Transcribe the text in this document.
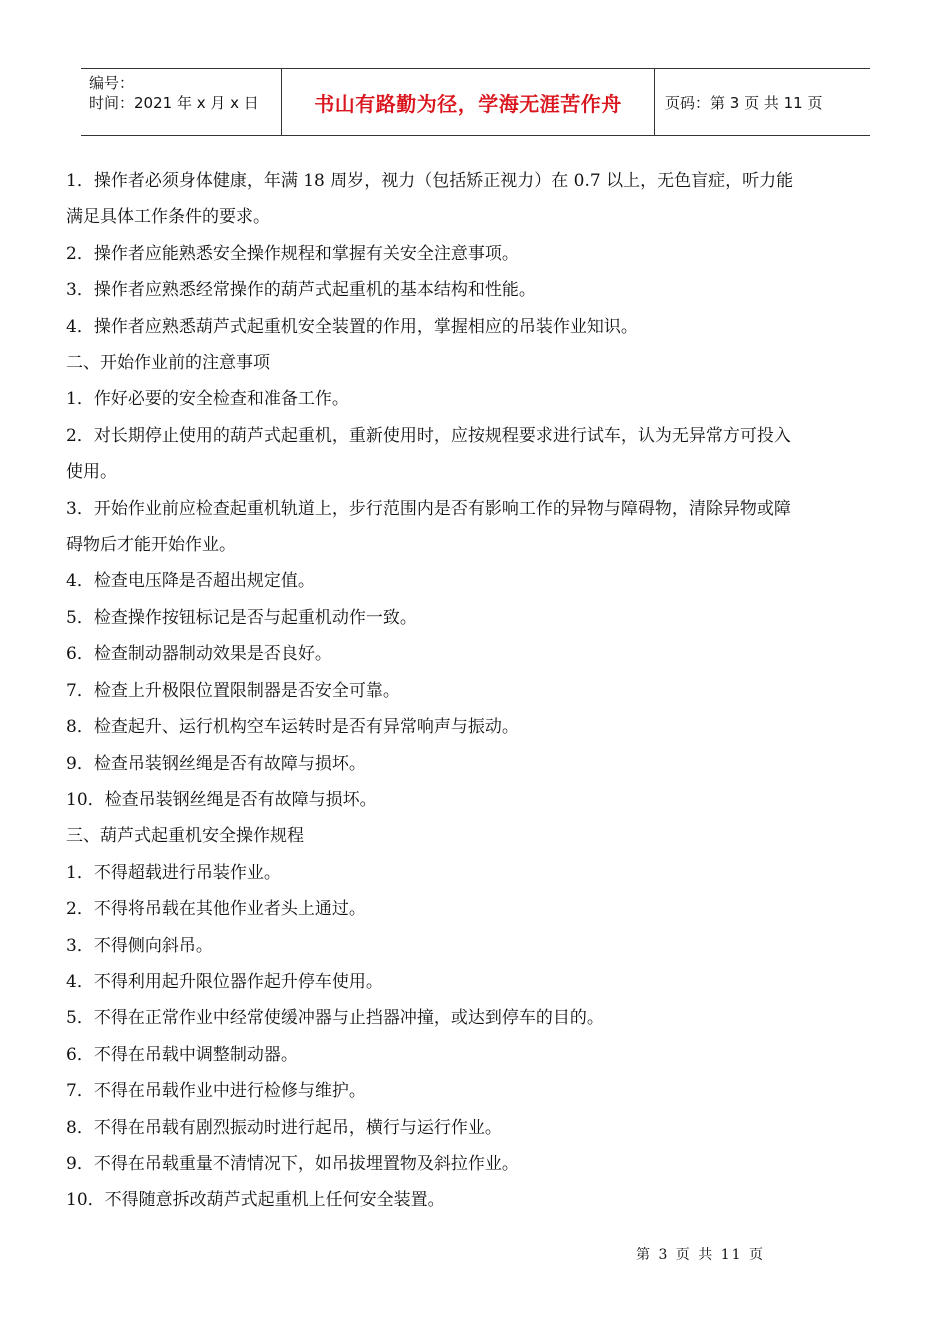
编号：
时间：2021 年 x 月 x 日	书山有路勤为径，学海无涯苦作舟	页码：第 3 页 共 11 页
1．操作者必须身体健康，年满 18 周岁，视力（包括矫正视力）在 0.7 以上，无色盲症，听力能
满足具体工作条件的要求。
2．操作者应能熟悉安全操作规程和掌握有关安全注意事项。
3．操作者应熟悉经常操作的葫芦式起重机的基本结构和性能。
4．操作者应熟悉葫芦式起重机安全装置的作用，掌握相应的吊装作业知识。
二、开始作业前的注意事项
1．作好必要的安全检查和准备工作。
2．对长期停止使用的葫芦式起重机，重新使用时，应按规程要求进行试车，认为无异常方可投入
使用。
3．开始作业前应检查起重机轨道上，步行范围内是否有影响工作的异物与障碍物，清除异物或障
碍物后才能开始作业。
4．检查电压降是否超出规定值。
5．检查操作按钮标记是否与起重机动作一致。
6．检查制动器制动效果是否良好。
7．检查上升极限位置限制器是否安全可靠。
8．检查起升、运行机构空车运转时是否有异常响声与振动。
9．检查吊装钢丝绳是否有故障与损坏。
10．检查吊装钢丝绳是否有故障与损坏。
三、葫芦式起重机安全操作规程
1．不得超载进行吊装作业。
2．不得将吊载在其他作业者头上通过。
3．不得侧向斜吊。
4．不得利用起升限位器作起升停车使用。
5．不得在正常作业中经常使缓冲器与止挡器冲撞，或达到停车的目的。
6．不得在吊载中调整制动器。
7．不得在吊载作业中进行检修与维护。
8．不得在吊载有剧烈振动时进行起吊，横行与运行作业。
9．不得在吊载重量不清情况下，如吊拔埋置物及斜拉作业。
10．不得随意拆改葫芦式起重机上任何安全装置。
第 3 页 共 11 页
